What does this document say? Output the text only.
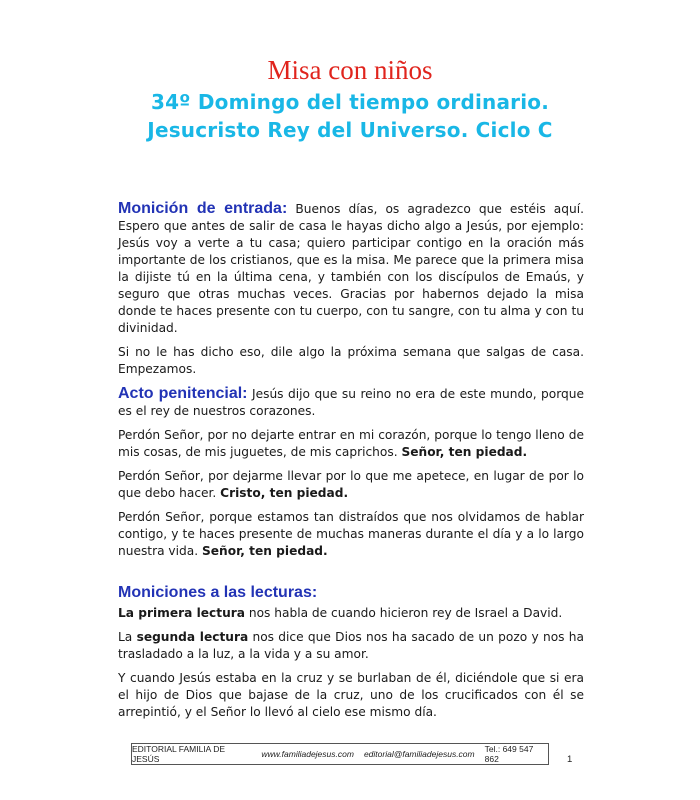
Misa con niños
34º Domingo del tiempo ordinario.
Jesucristo Rey del Universo. Ciclo C

Monición de entrada: Buenos días, os agradezco que estéis aquí. Espero que antes de salir de casa le hayas dicho algo a Jesús, por ejemplo: Jesús voy a verte a tu casa; quiero participar contigo en la oración más importante de los cristianos, que es la misa. Me parece que la primera misa la dijiste tú en la última cena, y también con los discípulos de Emaús, y seguro que otras muchas veces. Gracias por habernos dejado la misa donde te haces presente con tu cuerpo, con tu sangre, con tu alma y con tu divinidad.

Si no le has dicho eso, dile algo la próxima semana que salgas de casa. Empezamos.

Acto penitencial: Jesús dijo que su reino no era de este mundo, porque es el rey de nuestros corazones.

Perdón Señor, por no dejarte entrar en mi corazón, porque lo tengo lleno de mis cosas, de mis juguetes, de mis caprichos. Señor, ten piedad.

Perdón Señor, por dejarme llevar por lo que me apetece, en lugar de por lo que debo hacer. Cristo, ten piedad.

Perdón Señor, porque estamos tan distraídos que nos olvidamos de hablar contigo, y te haces presente de muchas maneras durante el día y a lo largo nuestra vida. Señor, ten piedad.

Moniciones a las lecturas:

La primera lectura nos habla de cuando hicieron rey de Israel a David.

La segunda lectura nos dice que Dios nos ha sacado de un pozo y nos ha trasladado a la luz, a la vida y a su amor.

Y cuando Jesús estaba en la cruz y se burlaban de él, diciéndole que si era el hijo de Dios que bajase de la cruz, uno de los crucificados con él se arrepintió, y el Señor lo llevó al cielo ese mismo día.

EDITORIAL FAMILIA DE JESÚS	www.familiadejesus.com editorial@familiadejesus.com Tel.: 649 547 862	1
